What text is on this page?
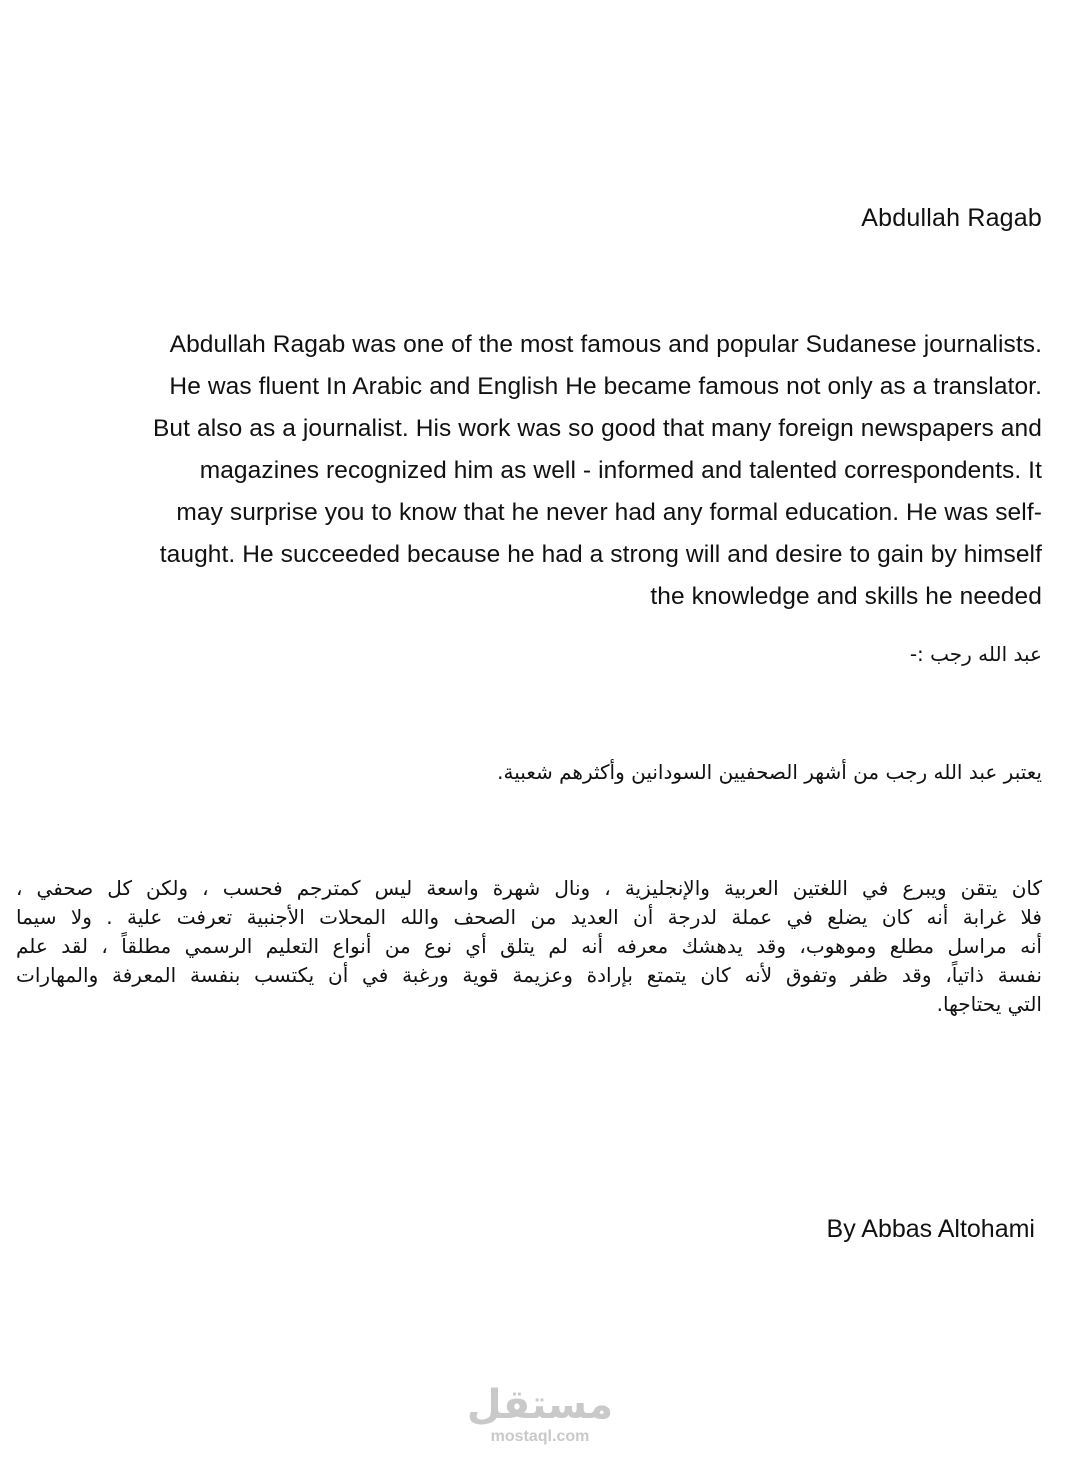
Abdullah Ragab
Abdullah Ragab was one of the most famous and popular Sudanese journalists.
He was fluent In Arabic and English He became famous not only as a translator.
But also as a journalist. His work was so good that many foreign newspapers and
magazines recognized him as well - informed and talented correspondents. It
may surprise you to know that he never had any formal education. He was self-
taught. He succeeded because he had a strong will and desire to gain by himself
the knowledge and skills he needed
عبد الله رجب :-
يعتبر عبد الله رجب من أشهر الصحفيين السودانين وأكثرهم شعبية.
كان يتقن ويبرع في اللغتين العربية والإنجليزية ، ونال شهرة واسعة ليس كمترجم فحسب ، ولكن كل صحفي ،
فلا غرابة أنه كان يضلع في عملة لدرجة أن العديد من الصحف والله المحلات الأجنبية تعرفت علية . ولا سيما
أنه مراسل مطلع وموهوب، وقد يدهشك معرفه أنه لم يتلق أي نوع من أنواع التعليم الرسمي مطلقاً ، لقد علم
نفسة ذاتياً، وقد ظفر وتفوق لأنه كان يتمتع بإرادة وعزيمة قوية ورغبة في أن يكتسب بنفسة المعرفة والمهارات
التي يحتاجها.
By Abbas Altohami
مستقل
mostaql.com
